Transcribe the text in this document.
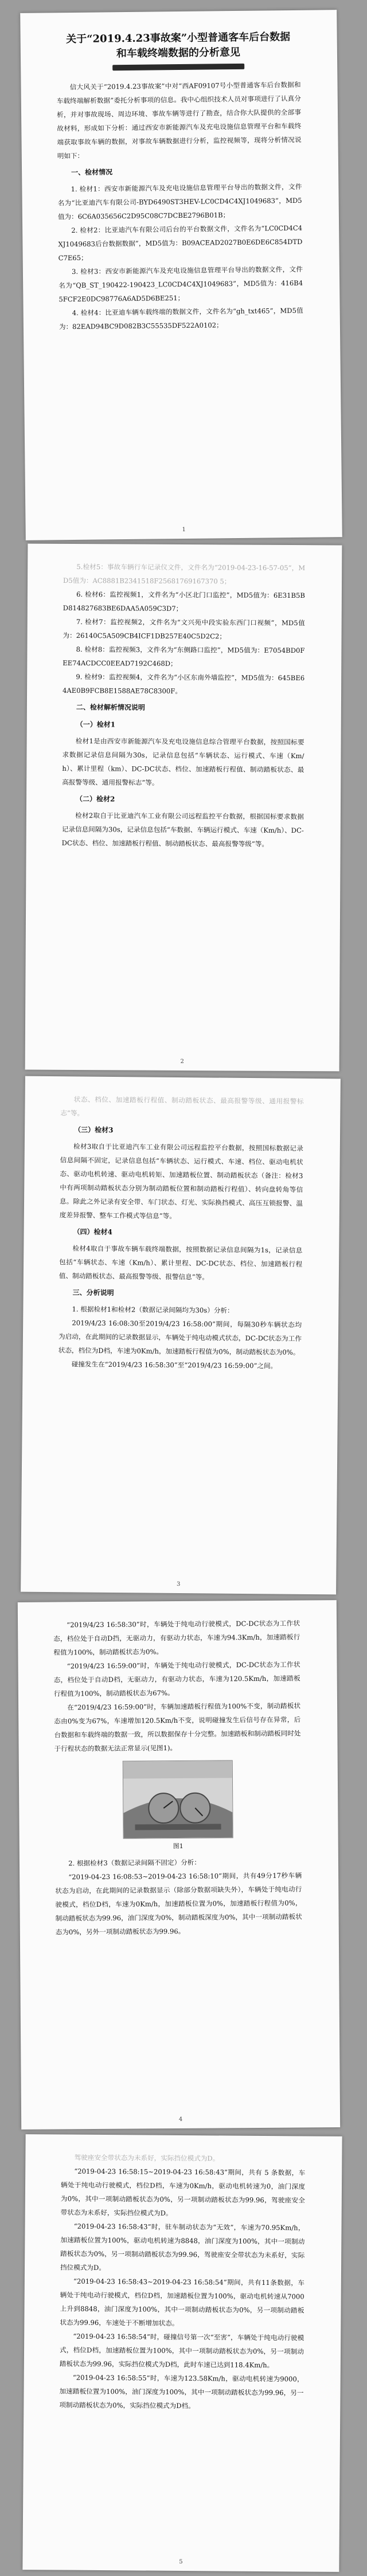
关于“2019.4.23事故案”小型普通客车后台数据
和车载终端数据的分析意见

信大风关于“2019.4.23事故案”中对“西AF09107号小型普通客车后台数据和车载终端解析数据”委托分析事项的信息。我中心组织技术人员对事项进行了认真分析，并对事故现场、周边环境、事故车辆等进行了勘查，结合你大队提供的全部事故材料，形成如下分析：通过西安市新能源汽车及充电设施信息管理平台和车载终端获取事故车辆的数据，对事故车辆数据进行分析，监控视频等，现将分析情况说明如下：

一、检材情况

1. 检材1：西安市新能源汽车及充电设施信息管理平台导出的数据文件，文件名为“比亚迪汽车有限公司-BYD6490ST3HEV-LC0CD4C4XJ1049683”，MD5值为：6C6A035656C2D95C08C7DCBE2796B01B；

2. 检材2：比亚迪汽车有限公司后台的平台数据文件，文件名为“LC0CD4C4XJ1049683后台数据数据”，MD5值为：B09ACEAD2027B0E6DE6C854DTDC7E65；

3. 检材3：西安市新能源汽车及充电设施信息管理平台导出的数据文件，文件名为“QB_ST_190422-190423_LC0CD4C4XJ1049683”，MD5值为：416B45FCF2E0DC98776A6AD5D6BE251；

4. 检材4：比亚迪车辆车载终端的数据文件，文件名为“gh_txt465”，MD5值为：82EAD94BC9D082B3C55535DF522A0102；

1

5.检材5：事故车辆行车记录仪文件，文件名为“2019-04-23-16-57-05”，MD5值为：AC8881B2341518F25681769167370 5；

6. 检材6：监控视频1，文件名为“小区北门口监控”，MD5值为：6E31B5BD814827683BE6DAA5A059C3D7；

7. 检材7：监控视频2，文件名为“文兴苑中段实验东西门口视频”，MD5值为：26140C5A509CB4ICF1DB257E40C5D2C2；

8. 检材8：监控视频3，文件名为“东侧路口监控”，MD5值为：E7054BD0FEE74ACDCC0EEAD7192C468D；

9. 检材9：监控视频4，文件名为“小区东南外墙监控”，MD5值为：645BE64AE0B9FCB8E1588AE78C8300F。

二、检材解析情况说明
（一）检材1

检材1是由西安市新能源汽车及充电设施信息综合管理平台数据，按照国标要求数据记录信息间隔为30s，记录信息包括“车辆状态、运行模式、车速（Km/h）、累计里程（km）、DC-DC状态、档位、加速踏板行程值、制动踏板状态、最高报警等级、通用报警标志”等。

（二）检材2

检材2取自于比亚迪汽车工业有限公司远程监控平台数据，根据国标要求数据记录信息间隔为30s，记录信息包括“车数据、车辆运行模式、车速（Km/h）、DC-DC状态、档位、加速踏板行程值、制动踏板状态、最高报警等级”等。

2

状态、档位、加速踏板行程值、制动踏板状态、最高报警等级、通用报警标志”等。

（三）检材3

检材3取自于比亚迪汽车工业有限公司远程监控平台数据，按照国标数据记录信息间隔不固定，记录信息包括“车辆状态、运行模式、车速、档位、驱动电机状态、驱动电机转速、驱动电机转矩、加速踏板位置、制动踏板状态（备注：检材3中有两项制动踏板状态分别为制动踏板位置和制动踏板行程值）、转向盘转角等信息。除此之外记录有安全带、车门状态、灯光、实际换挡模式、高压互锁报警、温度差异报警、整车工作模式等信息”等。

（四）检材4

检材4取自于事故车辆车载终端数据，按照数据记录信息间隔为1s，记录信息包括“车辆状态、车速（Km/h）、累计里程、DC-DC状态、档位、加速踏板行程值、制动踏板状态、最高报警等级、报警信息”等。

三、分析说明

1. 根据检材1和检材2（数据记录间隔均为30s）分析：

2019/4/23 16:08:30至2019/4/23 16:58:00”期间，每隔30秒车辆状态均为启动，在此期间的记录数据显示，车辆处于纯电动模式状态，DC-DC状态为工作状态，档位为D档，车速为0Km/h，加速踏板行程值为0%，制动踏板状态为0%。

碰撞发生在“2019/4/23 16:58:30”至“2019/4/23 16:59:00”之间。

3

“2019/4/23 16:58:30”时，车辆处于纯电动行驶模式，DC-DC状态为工作状态，档位处于自动D挡，无驱动力，有驱动力状态，车速为94.3Km/h，加速踏板行程值为100%，制动踏板状态为0%。

“2019/4/23 16:59:00”时，车辆处于纯电动行驶模式，DC-DC状态为工作状态，档位处于自动D档，无驱动力，有驱动力状态，车速为120.5Km/h，加速踏板行程值为100%，制动踏板状态为67%。

在“2019/4/23 16:59:00”时，车辆加速踏板行程值为100%不变，制动踏板状态由0%变为67%，车速增加120.5Km/h不变，说明碰撞发生后信号存在异常，后台数据和车载终端的数据一致，所以数据保存十分完整。加速踏板和制动踏板同时处于行程状态的数据无法正常显示(见图1)。

图1

2. 根据检材3（数据记录间隔不固定）分析：

“2019-04-23 16:08:53~2019-04-23 16:58:10”期间，共有49分17秒车辆状态为启动，在此期间的记录数据显示（除部分数据项缺失外），车辆处于纯电动行驶模式，档位D档，车速为0Km/h，加速踏板位置为0%，加速踏板行程值为0%，制动踏板状态为99.96，油门深度为0%，制动踏板深度为0%，其中一项制动踏板状态为0%，另外一项制动踏板状态为99.96。

4

驾驶座安全带状态为未系好，实际挡位模式为D。

“2019-04-23 16:58:15~2019-04-23 16:58:43”期间，共有 5 条数据，车辆处于纯电动行驶模式，档位D档，车速为0Km/h，驱动电机转速为0，油门深度为0%，其中一项制动踏板状态为0%，另一项制动踏板状态为99.96，驾驶座安全带状态为未系好，实际挡位模式为D。

“2019-04-23 16:58:43”时，驻车制动状态为“无效”，车速为70.95Km/h，加速踏板位置为100%，驱动电机转速为8848，油门深度为100%，其中一项制动踏板状态为0%，另一项制动踏板状态为99.96，驾驶座安全带状态为未系好，实际挡位模式为D。

“2019-04-23 16:58:43~2019-04-23 16:58:54”期间，共有11条数据，车辆处于纯电动行驶模式，档位D档，加速踏板位置为100%，驱动电机转速从7000上升到8848，油门深度为100%，其中一项制动踏板状态为0%，另一项制动踏板状态为99.96，车速处于不断增加状态。

“2019-04-23 16:58:54”时，碰撞信号第一次“至害”，车辆处于纯电动行驶模式，档位D档，加速踏板位置为100%，其中一项制动踏板状态为0%，另一项制动踏板状态为99.96，实际挡位模式为D档，此时车速已达到118.4Km/h。

“2019-04-23 16:58:55”时，车速为123.58Km/h，驱动电机转速为9000，加速踏板位置为100%，油门深度为100%，其中一项制动踏板状态为99.96，另一项制动踏板状态为0%，实际挡位模式为D档。

5
